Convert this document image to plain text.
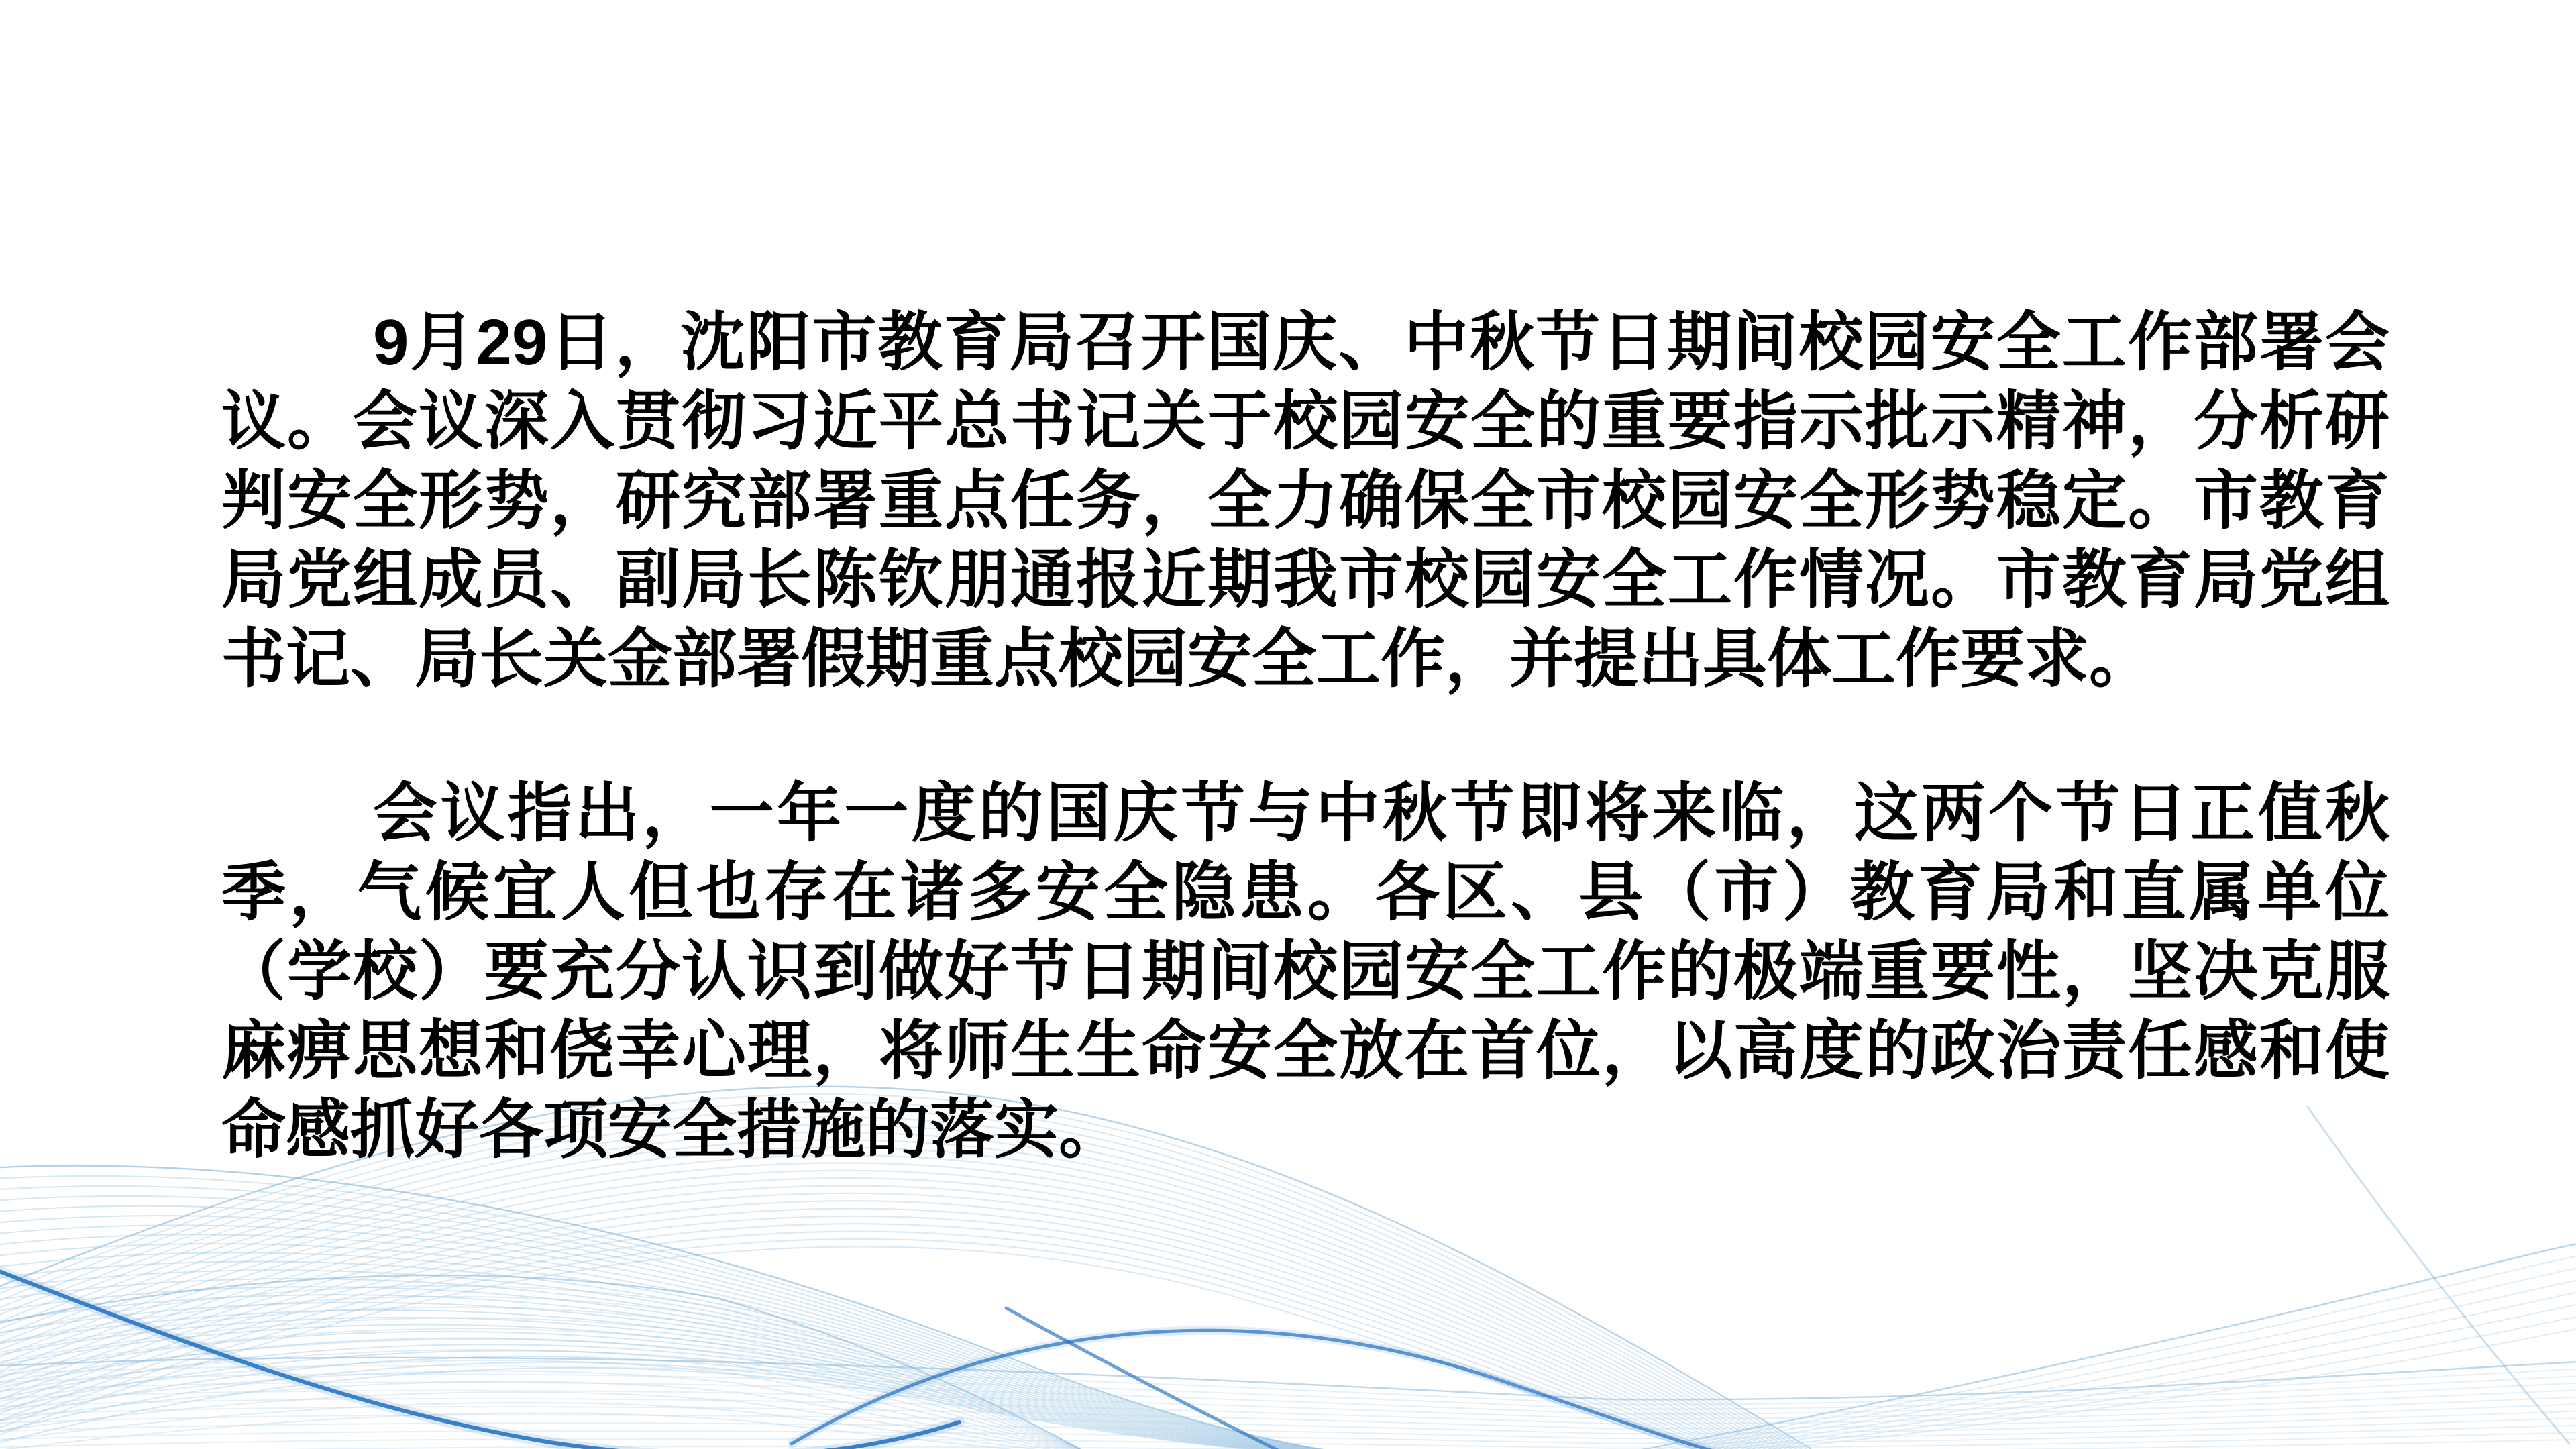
9月29日，沈阳市教育局召开国庆、中秋节日期间校园安全工作部署会
议。会议深入贯彻习近平总书记关于校园安全的重要指示批示精神，分析研
判安全形势，研究部署重点任务，全力确保全市校园安全形势稳定。市教育
局党组成员、副局长陈钦朋通报近期我市校园安全工作情况。市教育局党组
书记、局长关金部署假期重点校园安全工作，并提出具体工作要求。
会议指出，一年一度的国庆节与中秋节即将来临，这两个节日正值秋
季，气候宜人但也存在诸多安全隐患。各区、县（市）教育局和直属单位
（学校）要充分认识到做好节日期间校园安全工作的极端重要性，坚决克服
麻痹思想和侥幸心理，将师生生命安全放在首位，以高度的政治责任感和使
命感抓好各项安全措施的落实。
